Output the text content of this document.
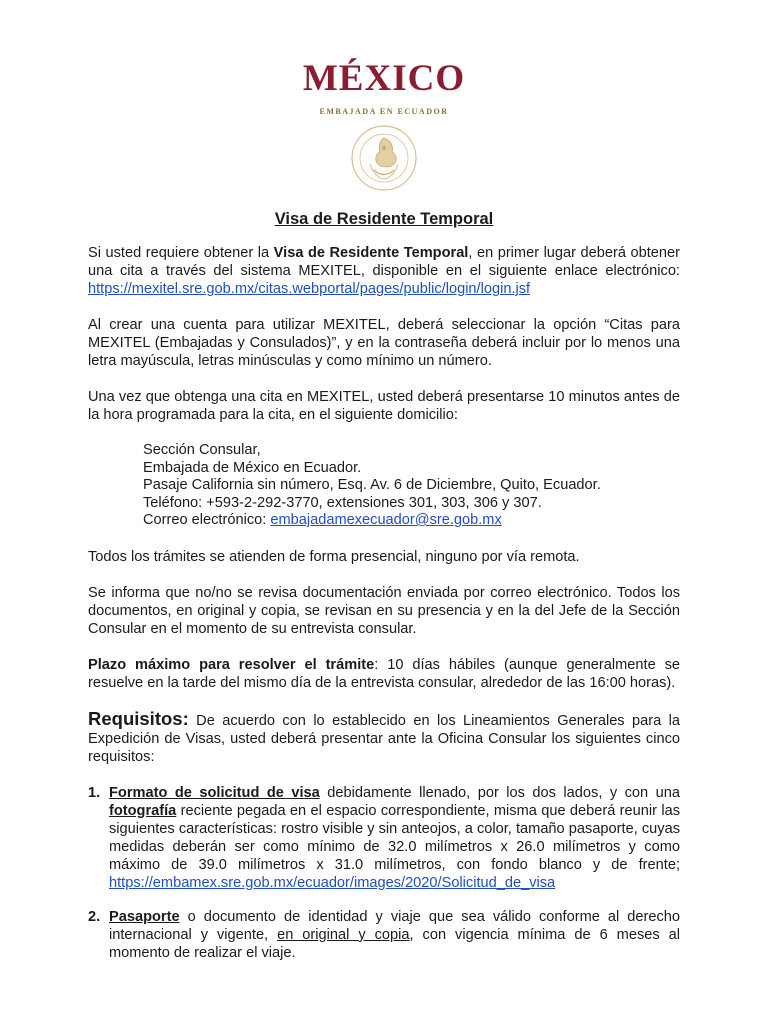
MÉXICO
EMBAJADA EN ECUADOR
Visa de Residente Temporal

Si usted requiere obtener la Visa de Residente Temporal, en primer lugar deberá obtener una cita a través del sistema MEXITEL, disponible en el siguiente enlace electrónico: https://mexitel.sre.gob.mx/citas.webportal/pages/public/login/login.jsf

Al crear una cuenta para utilizar MEXITEL, deberá seleccionar la opción “Citas para MEXITEL (Embajadas y Consulados)”, y en la contraseña deberá incluir por lo menos una letra mayúscula, letras minúsculas y como mínimo un número.

Una vez que obtenga una cita en MEXITEL, usted deberá presentarse 10 minutos antes de la hora programada para la cita, en el siguiente domicilio:

Sección Consular,
Embajada de México en Ecuador.
Pasaje California sin número, Esq. Av. 6 de Diciembre, Quito, Ecuador.
Teléfono: +593-2-292-3770, extensiones 301, 303, 306 y 307.
Correo electrónico: embajadamexecuador@sre.gob.mx

Todos los trámites se atienden de forma presencial, ninguno por vía remota.

Se informa que no/no se revisa documentación enviada por correo electrónico. Todos los documentos, en original y copia, se revisan en su presencia y en la del Jefe de la Sección Consular en el momento de su entrevista consular.

Plazo máximo para resolver el trámite: 10 días hábiles (aunque generalmente se resuelve en la tarde del mismo día de la entrevista consular, alrededor de las 16:00 horas).

Requisitos: De acuerdo con lo establecido en los Lineamientos Generales para la Expedición de Visas, usted deberá presentar ante la Oficina Consular los siguientes cinco requisitos:

1. Formato de solicitud de visa debidamente llenado, por los dos lados, y con una fotografía reciente pegada en el espacio correspondiente, misma que deberá reunir las siguientes características: rostro visible y sin anteojos, a color, tamaño pasaporte, cuyas medidas deberán ser como mínimo de 32.0 milímetros x 26.0 milímetros y como máximo de 39.0 milímetros x 31.0 milímetros, con fondo blanco y de frente; https://embamex.sre.gob.mx/ecuador/images/2020/Solicitud_de_visa
2. Pasaporte o documento de identidad y viaje que sea válido conforme al derecho internacional y vigente, en original y copia, con vigencia mínima de 6 meses al momento de realizar el viaje.
